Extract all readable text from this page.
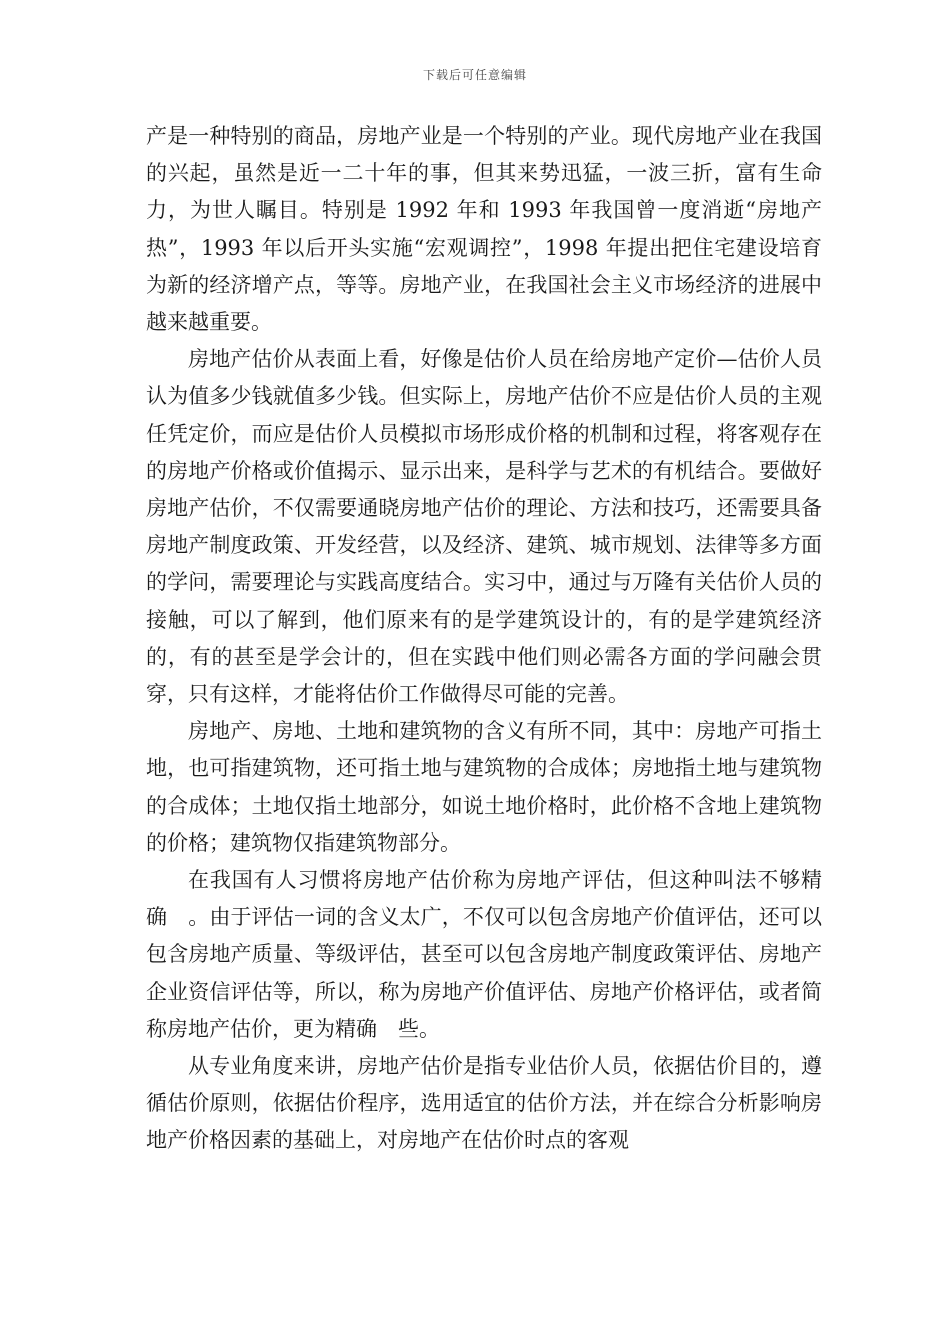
下载后可任意编辑

产是一种特别的商品，房地产业是一个特别的产业。现代房地产业在我国的兴起，虽然是近一二十年的事，但其来势迅猛，一波三折，富有生命力，为世人瞩目。特别是 1992 年和 1993 年我国曾一度消逝“房地产热”，1993 年以后开头实施“宏观调控”，1998 年提出把住宅建设培育为新的经济增产点，等等。房地产业，在我国社会主义市场经济的进展中越来越重要。

房地产估价从表面上看，好像是估价人员在给房地产定价—估价人员认为值多少钱就值多少钱。但实际上，房地产估价不应是估价人员的主观任凭定价，而应是估价人员模拟市场形成价格的机制和过程，将客观存在的房地产价格或价值揭示、显示出来，是科学与艺术的有机结合。要做好房地产估价，不仅需要通晓房地产估价的理论、方法和技巧，还需要具备房地产制度政策、开发经营，以及经济、建筑、城市规划、法律等多方面的学问，需要理论与实践高度结合。实习中，通过与万隆有关估价人员的接触，可以了解到，他们原来有的是学建筑设计的，有的是学建筑经济的，有的甚至是学会计的，但在实践中他们则必需各方面的学问融会贯穿，只有这样，才能将估价工作做得尽可能的完善。

房地产、房地、土地和建筑物的含义有所不同，其中：房地产可指土地，也可指建筑物，还可指土地与建筑物的合成体；房地指土地与建筑物的合成体；土地仅指土地部分，如说土地价格时，此价格不含地上建筑物的价格；建筑物仅指建筑物部分。

在我国有人习惯将房地产估价称为房地产评估，但这种叫法不够精确　。由于评估一词的含义太广，不仅可以包含房地产价值评估，还可以包含房地产质量、等级评估，甚至可以包含房地产制度政策评估、房地产企业资信评估等，所以，称为房地产价值评估、房地产价格评估，或者简称房地产估价，更为精确　些。

从专业角度来讲，房地产估价是指专业估价人员，依据估价目的，遵循估价原则，依据估价程序，选用适宜的估价方法，并在综合分析影响房地产价格因素的基础上，对房地产在估价时点的客观
